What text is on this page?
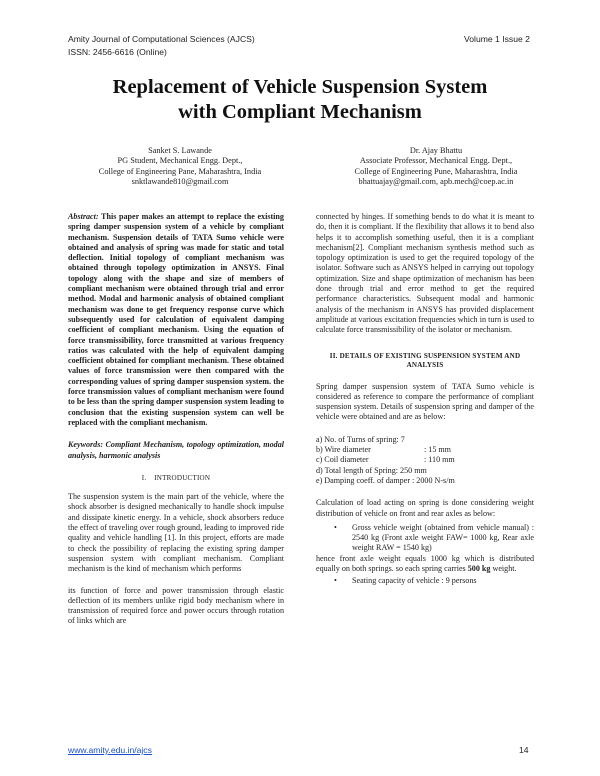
Amity Journal of Computational Sciences (AJCS)
ISSN: 2456-6616 (Online)
Volume 1 Issue 2
Replacement of Vehicle Suspension System
with Compliant Mechanism
Sanket S. Lawande
PG Student, Mechanical Engg. Dept.,
College of Engineering Pane, Maharashtra, India
snktlawande810@gmail.com
Dr. Ajay Bhattu
Associate Professor, Mechanical Engg. Dept.,
College of Engineering Pune, Maharashtra, India
bhattuajay@gmail.com, apb.mech@coep.ac.in

Abstract: This paper makes an attempt to replace the existing spring damper suspension system of a vehicle by compliant mechanism. Suspension details of TATA Sumo vehicle were obtained and analysis of spring was made for static and total deflection. Initial topology of compliant mechanism was obtained through topology optimization in ANSYS. Final topology along with the shape and size of members of compliant mechanism were obtained through trial and error method. Modal and harmonic analysis of obtained compliant mechanism was done to get frequency response curve which subsequently used for calculation of equivalent damping coefficient of compliant mechanism. Using the equation of force transmissibility, force transmitted at various frequency ratios was calculated with the help of equivalent damping coefficient obtained for compliant mechanism. These obtained values of force transmission were then compared with the corresponding values of spring damper suspension system. the force transmission values of compliant mechanism were found to be less than the spring damper suspension system leading to conclusion that the existing suspension system can well be replaced with the compliant mechanism.

Keywords: Compliant Mechanism, topology optimization, modal analysis, harmonic analysis

I.    INTRODUCTION

The suspension system is the main part of the vehicle, where the shock absorber is designed mechanically to handle shock impulse and dissipate kinetic energy. In a vehicle, shock absorbers reduce the effect of traveling over rough ground, leading to improved ride quality and vehicle handling [1]. In this project, efforts are made to check the possibility of replacing the existing spring damper suspension system with compliant mechanism. Compliant mechanism is the kind of mechanism which performs

its function of force and power transmission through elastic deflection of its members unlike rigid body mechanism where in transmission of required force and power occurs through rotation of links which are

connected by hinges. If something bends to do what it is meant to do, then it is compliant. If the flexibility that allows it to bend also helps it to accomplish something useful, then it is a compliant mechanism[2]. Compliant mechanism synthesis method such as topology optimization is used to get the required topology of the isolator. Software such as ANSYS helped in carrying out topology optimization. Size and shape optimization of mechanism has been done through trial and error method to get the required performance characteristics. Subsequent modal and harmonic analysis of the mechanism in ANSYS has provided displacement amplitude at various excitation frequencies which in turn is used to calculate force transmissibility of the isolator or mechanism.

II. DETAILS OF EXISTING SUSPENSION SYSTEM AND ANALYSIS

Spring damper suspension system of TATA Sumo vehicle is considered as reference to compare the performance of compliant suspension system. Details of suspension spring and damper of the vehicle were obtained and are as below:

a) No. of Turns of spring: 7
b) Wire diameter	: 15 mm
c) Coil diameter	: 110 mm
d) Total length of Spring: 250 mm
e) Damping coeff. of damper : 2000 N-s/m

Calculation of load acting on spring is done considering weight distribution of vehicle on front and rear axles as below:

• Gross vehicle weight (obtained from vehicle manual) : 2540 kg (Front axle weight FAW= 1000 kg, Rear axle weight RAW = 1540 kg)

hence front axle weight equals 1000 kg which is distributed equally on both springs. so each spring carries 500 kg weight.

• Seating capacity of vehicle : 9 persons
www.amity.edu.in/ajcs	14
